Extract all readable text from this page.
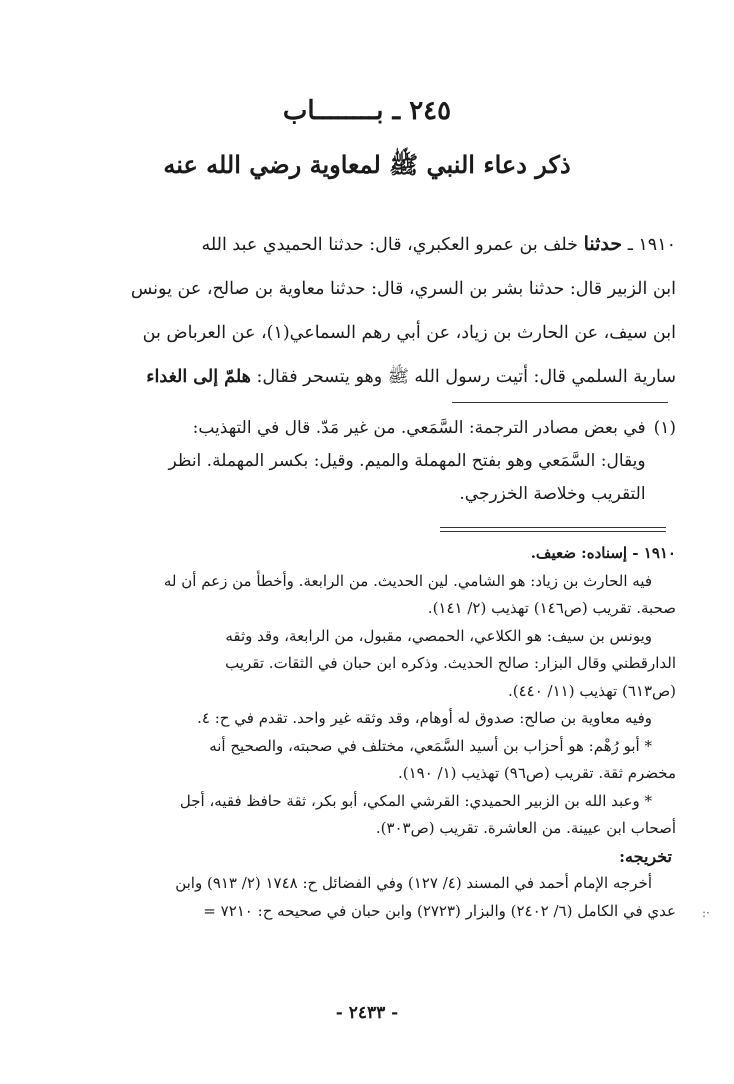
٢٤٥ ـ بــــــــاب
ذكر دعاء النبي ﷺ لمعاوية رضي الله عنه

١٩١٠ ـ حدثنا خلف بن عمرو العكبري، قال: حدثنا الحميدي عبد الله

ابن الزبير قال: حدثنا بشر بن السري، قال: حدثنا معاوية بن صالح، عن يونس

ابن سيف، عن الحارث بن زياد، عن أبي رهم السماعي(١)، عن العرباض بن

سارية السلمي قال: أتيت رسول الله ﷺ وهو يتسحر فقال: هلمّ إلى الغداء

(١)

في بعض مصادر الترجمة: السَّمَعي. من غير مَدّ. قال في التهذيب:

ويقال: السَّمَعي وهو بفتح المهملة والميم. وقيل: بكسر المهملة. انظر

التقريب وخلاصة الخزرجي.

١٩١٠ - إسناده: ضعيف.

فيه الحارث بن زياد: هو الشامي. لين الحديث. من الرابعة. وأخطأ من زعم أن له

صحبة. تقريب (ص١٤٦) تهذيب (٢/ ١٤١).

ويونس بن سيف: هو الكلاعي، الحمصي، مقبول، من الرابعة، وقد وثقه

الدارقطني وقال البزار: صالح الحديث. وذكره ابن حبان في الثقات. تقريب

(ص٦١٣) تهذيب (١١/ ٤٤٠).

وفيه معاوية بن صالح: صدوق له أوهام، وقد وثقه غير واحد. تقدم في ح: ٤.

* أبو رُهْم: هو أحزاب بن أسيد السَّمَعي، مختلف في صحبته، والصحيح أنه

مخضرم ثقة. تقريب (ص٩٦) تهذيب (١/ ١٩٠).

* وعبد الله بن الزبير الحميدي: القرشي المكي، أبو بكر، ثقة حافظ فقيه، أجل

أصحاب ابن عيينة. من العاشرة. تقريب (ص٣٠٣).

تخريجه:

أخرجه الإمام أحمد في المسند (٤/ ١٢٧) وفي الفضائل ح: ١٧٤٨ (٢/ ٩١٣) وابن

عدي في الكامل (٦/ ٢٤٠٢) والبزار (٢٧٢٣) وابن حبان في صحيحه ح: ٧٢١٠ = ·:
- ٢٤٣٣ -
